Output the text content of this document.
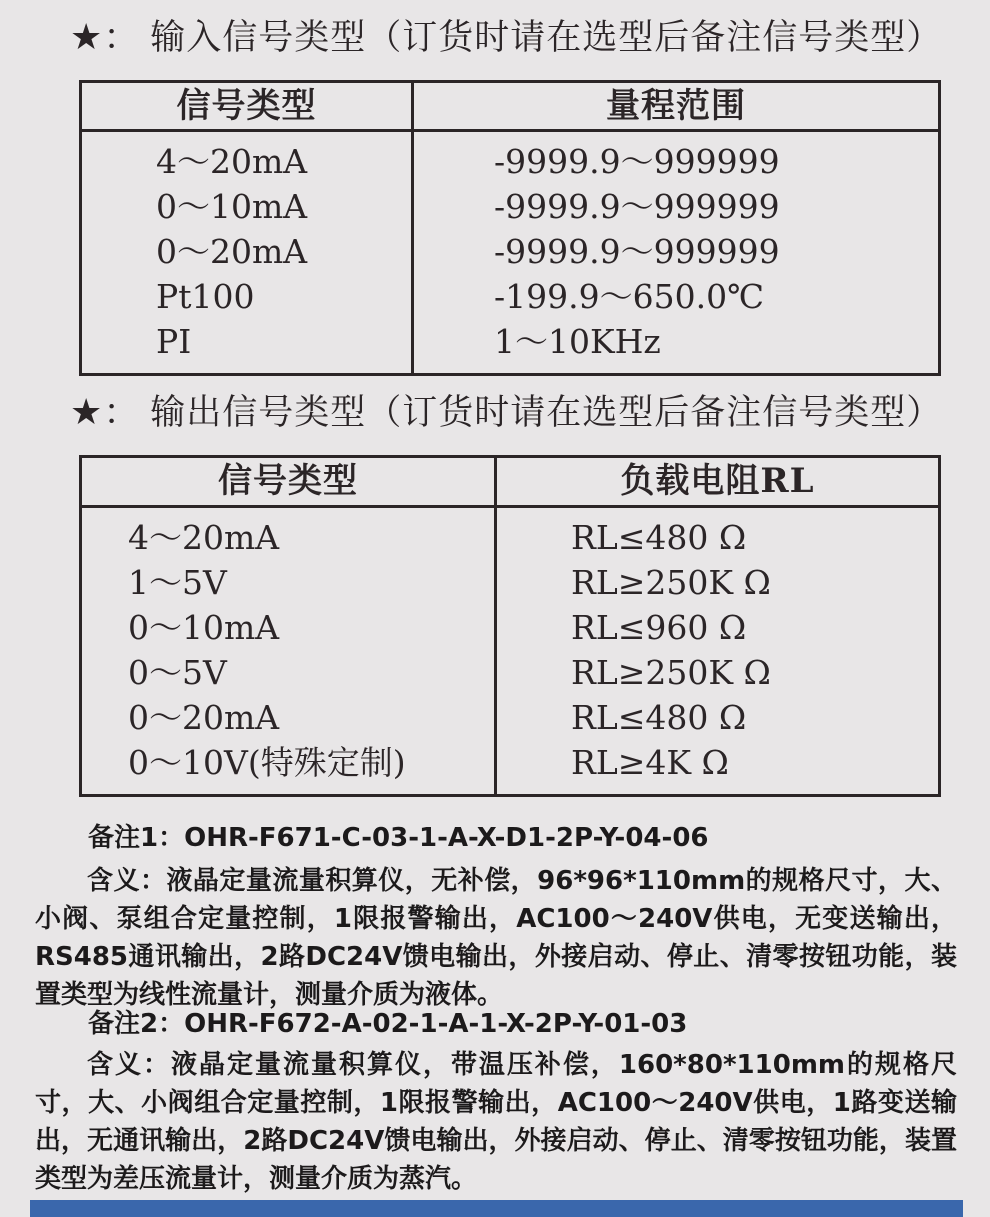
★： 输入信号类型（订货时请在选型后备注信号类型）
信号类型	量程范围
4～20mA
0～10mA
0～20mA
Pt100
PI
-9999.9～999999
-9999.9～999999
-9999.9～999999
-199.9～650.0℃
1～10KHz
★： 输出信号类型（订货时请在选型后备注信号类型）
信号类型	负载电阻RL
4～20mA
1～5V
0～10mA
0～5V
0～20mA
0～10V(特殊定制)
RL≤480 Ω
RL≥250K Ω
RL≤960 Ω
RL≥250K Ω
RL≤480 Ω
RL≥4K Ω
备注1：OHR-F671-C-03-1-A-X-D1-2P-Y-04-06

含义：液晶定量流量积算仪，无补偿，96*96*110mm的规格尺寸，大、小阀、泵组合定量控制，1限报警输出，AC100～240V供电，无变送输出，RS485通讯输出，2路DC24V馈电输出，外接启动、停止、清零按钮功能，装置类型为线性流量计，测量介质为液体。

备注2：OHR-F672-A-02-1-A-1-X-2P-Y-01-03

含义：液晶定量流量积算仪，带温压补偿，160*80*110mm的规格尺寸，大、小阀组合定量控制，1限报警输出，AC100～240V供电，1路变送输出，无通讯输出，2路DC24V馈电输出，外接启动、停止、清零按钮功能，装置类型为差压流量计，测量介质为蒸汽。
